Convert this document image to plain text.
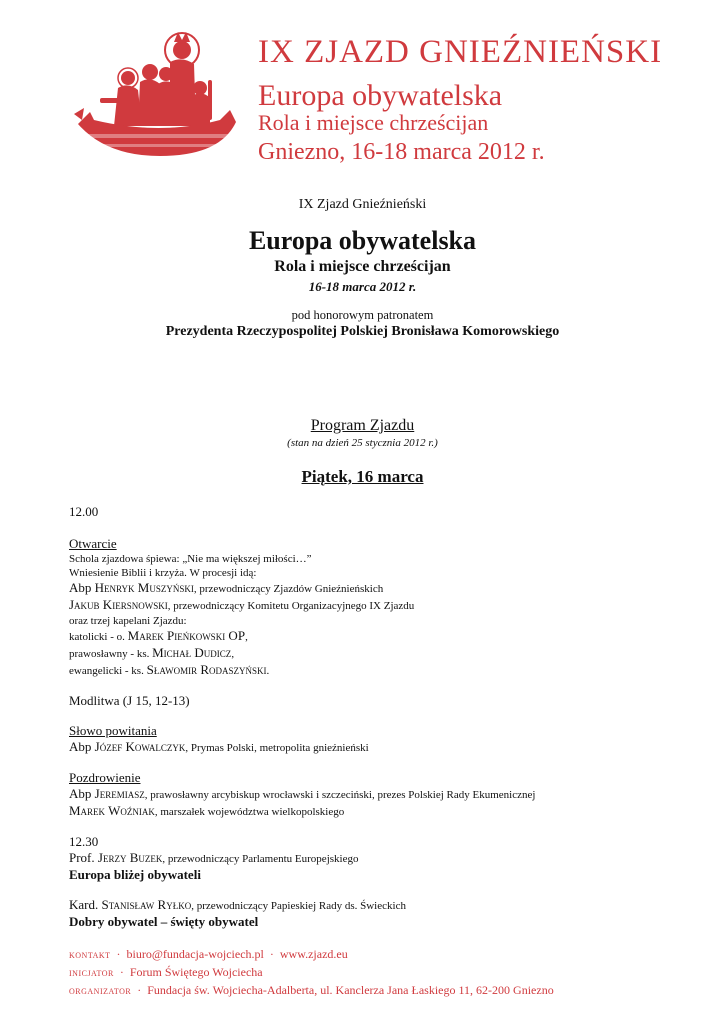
IX ZJAZD GNIEŹNIEŃSKI
Europa obywatelska
Rola i miejsce chrześcijan
Gniezno, 16-18 marca 2012 r.
IX Zjazd Gnieźnieński
Europa obywatelska
Rola i miejsce chrześcijan
16-18 marca 2012 r.
pod honorowym patronatem
Prezydenta Rzeczypospolitej Polskiej Bronisława Komorowskiego
Program Zjazdu
(stan na dzień 25 stycznia 2012 r.)
Piątek, 16 marca
12.00
Otwarcie
Schola zjazdowa śpiewa: „Nie ma większej miłości…”
Wniesienie Biblii i krzyża. W procesji idą:
Abp Henryk Muszyński, przewodniczący Zjazdów Gnieźnieńskich
Jakub Kiersnowski, przewodniczący Komitetu Organizacyjnego IX Zjazdu
oraz trzej kapelani Zjazdu:
katolicki - o. Marek Pieńkowski OP,
prawosławny - ks. Michał Dudicz,
ewangelicki - ks. Sławomir Rodaszyński.
Modlitwa (J 15, 12-13)
Słowo powitania
Abp Józef Kowalczyk, Prymas Polski, metropolita gnieźnieński
Pozdrowienie
Abp Jeremiasz, prawosławny arcybiskup wrocławski i szczeciński, prezes Polskiej Rady Ekumenicznej
Marek Woźniak, marszałek województwa wielkopolskiego
12.30
Prof. Jerzy Buzek, przewodniczący Parlamentu Europejskiego
Europa bliżej obywateli
Kard. Stanisław Ryłko, przewodniczący Papieskiej Rady ds. Świeckich
Dobry obywatel – święty obywatel
kontakt · biuro@fundacja-wojciech.pl · www.zjazd.eu
inicjator · Forum Świętego Wojciecha
organizator · Fundacja św. Wojciecha-Adalberta, ul. Kanclerza Jana Łaskiego 11, 62-200 Gniezno
